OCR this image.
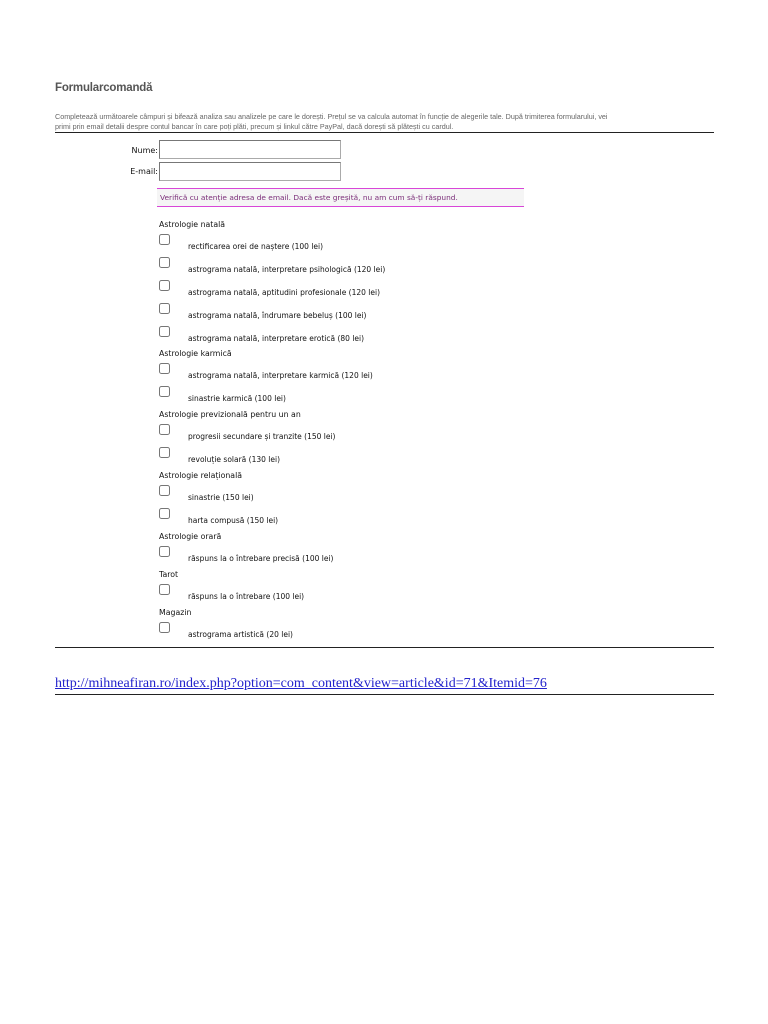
Formularcomandă
Completează următoarele câmpuri și bifează analiza sau analizele pe care le dorești. Prețul se va calcula automat în funcție de alegerile tale. După trimiterea formularului, vei
primi prin email detalii despre contul bancar în care poți plăti, precum și linkul către PayPal, dacă dorești să plătești cu cardul.
Nume:
E-mail:
Verifică cu atenție adresa de email. Dacă este greșită, nu am cum să-ți răspund.
Astrologie natală
rectificarea orei de naștere (100 lei)
astrograma natală, interpretare psihologică (120 lei)
astrograma natală, aptitudini profesionale (120 lei)
astrograma natală, îndrumare bebeluș (100 lei)
astrograma natală, interpretare erotică (80 lei)
Astrologie karmică
astrograma natală, interpretare karmică (120 lei)
sinastrie karmică (100 lei)
Astrologie previzională pentru un an
progresii secundare și tranzite (150 lei)
revoluție solară (130 lei)
Astrologie relațională
sinastrie (150 lei)
harta compusă (150 lei)
Astrologie orară
răspuns la o întrebare precisă (100 lei)
Tarot
răspuns la o întrebare (100 lei)
Magazin
astrograma artistică (20 lei)
http://mihneafiran.ro/index.php?option=com_content&view=article&id=71&Itemid=76
